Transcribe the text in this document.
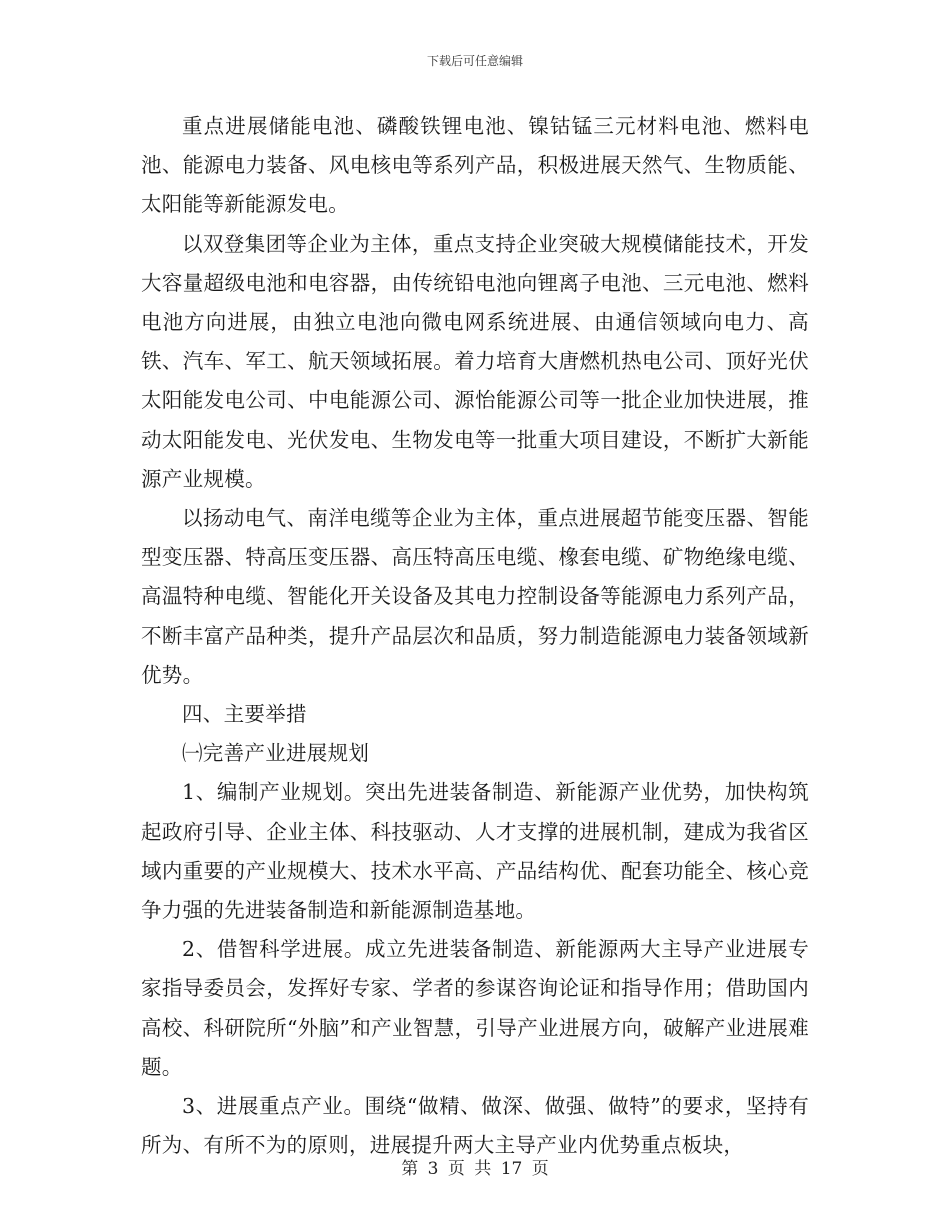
下载后可任意编辑

重点进展储能电池、磷酸铁锂电池、镍钴锰三元材料电池、燃料电池、能源电力装备、风电核电等系列产品，积极进展天然气、生物质能、太阳能等新能源发电。

以双登集团等企业为主体，重点支持企业突破大规模储能技术，开发大容量超级电池和电容器，由传统铅电池向锂离子电池、三元电池、燃料电池方向进展，由独立电池向微电网系统进展、由通信领域向电力、高铁、汽车、军工、航天领域拓展。着力培育大唐燃机热电公司、顶好光伏太阳能发电公司、中电能源公司、源怡能源公司等一批企业加快进展，推动太阳能发电、光伏发电、生物发电等一批重大项目建设，不断扩大新能源产业规模。

以扬动电气、南洋电缆等企业为主体，重点进展超节能变压器、智能型变压器、特高压变压器、高压特高压电缆、橡套电缆、矿物绝缘电缆、高温特种电缆、智能化开关设备及其电力控制设备等能源电力系列产品，不断丰富产品种类，提升产品层次和品质，努力制造能源电力装备领域新优势。

四、主要举措

㈠完善产业进展规划

1、编制产业规划。突出先进装备制造、新能源产业优势，加快构筑起政府引导、企业主体、科技驱动、人才支撑的进展机制，建成为我省区域内重要的产业规模大、技术水平高、产品结构优、配套功能全、核心竞争力强的先进装备制造和新能源制造基地。

2、借智科学进展。成立先进装备制造、新能源两大主导产业进展专家指导委员会，发挥好专家、学者的参谋咨询论证和指导作用；借助国内高校、科研院所“外脑”和产业智慧，引导产业进展方向，破解产业进展难题。

3、进展重点产业。围绕“做精、做深、做强、做特”的要求，坚持有所为、有所不为的原则，进展提升两大主导产业内优势重点板块，

第 3 页 共 17 页
